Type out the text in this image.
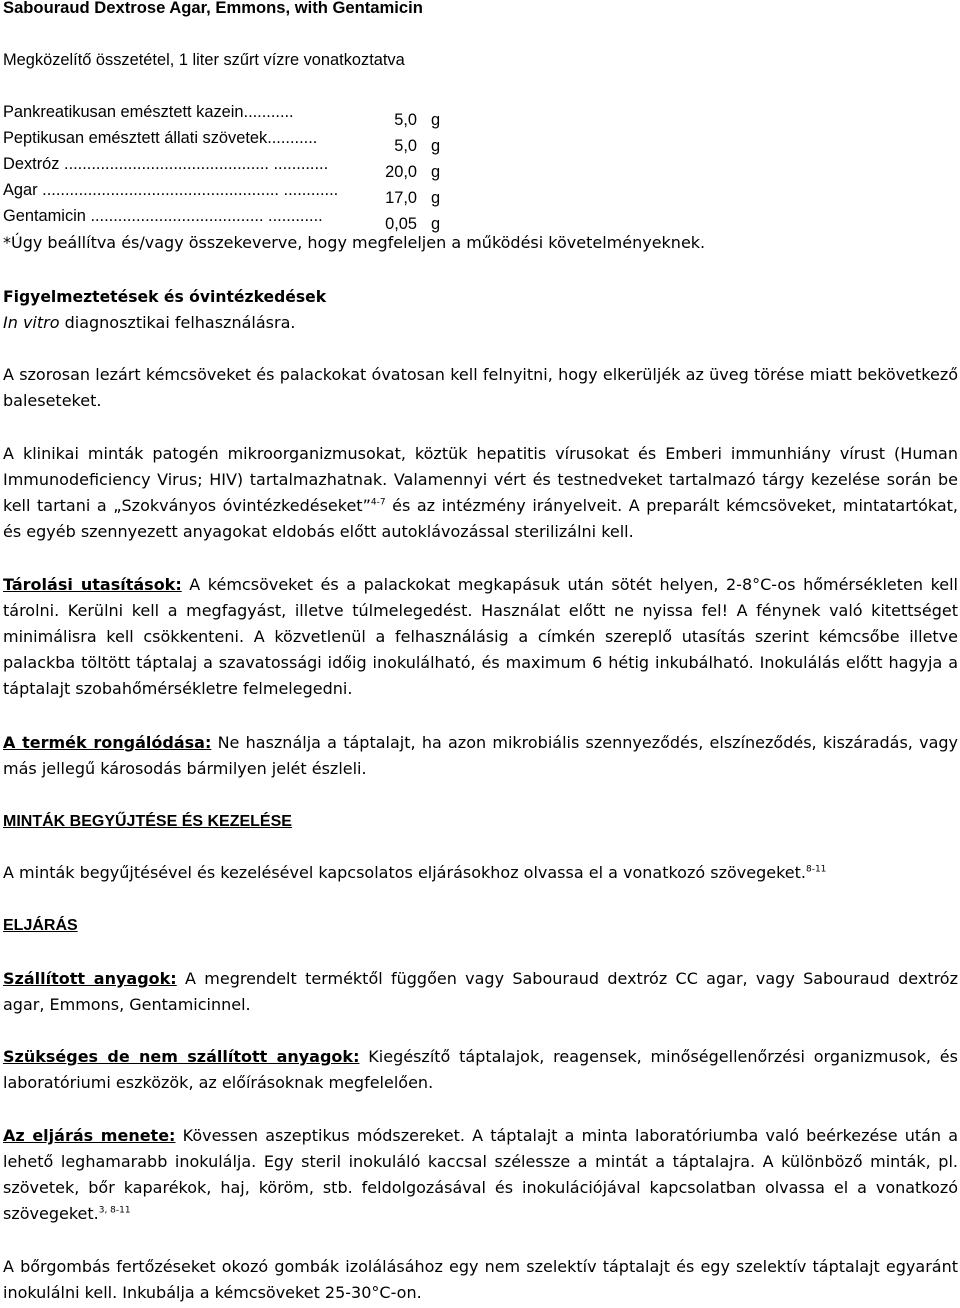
Sabouraud Dextrose Agar, Emmons, with Gentamicin
Megközelítő összetétel, 1 liter szűrt vízre vonatkoztatva
Pankreatikusan emésztett kazein...........	5,0 g
Peptikusan emésztett állati szövetek...........	5,0 g
Dextróz ............................................. ............	20,0 g
Agar .................................................... ............	17,0 g
Gentamicin ...................................... ............	0,05 g
*Úgy beállítva és/vagy összekeverve, hogy megfeleljen a működési követelményeknek.
Figyelmeztetések és óvintézkedések
In vitro diagnosztikai felhasználásra.
A szorosan lezárt kémcsöveket és palackokat óvatosan kell felnyitni, hogy elkerüljék az üveg törése miatt bekövetkező baleseteket.
A klinikai minták patogén mikroorganizmusokat, köztük hepatitis vírusokat és Emberi immunhiány vírust (Human Immunodeficiency Virus; HIV) tartalmazhatnak. Valamennyi vért és testnedveket tartalmazó tárgy kezelése során be kell tartani a „Szokványos óvintézkedéseket”$^{4-7}$ és az intézmény irányelveit. A preparált kémcsöveket, mintatartókat, és egyéb szennyezett anyagokat eldobás előtt autoklávozással sterilizálni kell.
Tárolási utasítások: A kémcsöveket és a palackokat megkapásuk után sötét helyen, 2-8°C-os hőmérsékleten kell tárolni. Kerülni kell a megfagyást, illetve túlmelegedést. Használat előtt ne nyissa fel! A fénynek való kitettséget minimálisra kell csökkenteni. A közvetlenül a felhasználásig a címkén szereplő utasítás szerint kémcsőbe illetve palackba töltött táptalaj a szavatossági időig inokulálható, és maximum 6 hétig inkubálható. Inokulálás előtt hagyja a táptalajt szobahőmérsékletre felmelegedni.
A termék rongálódása: Ne használja a táptalajt, ha azon mikrobiális szennyeződés, elszíneződés, kiszáradás, vagy más jellegű károsodás bármilyen jelét észleli.
MINTÁK BEGYŰJTÉSE ÉS KEZELÉSE
A minták begyűjtésével és kezelésével kapcsolatos eljárásokhoz olvassa el a vonatkozó szövegeket.$^{8-11}$
ELJÁRÁS
Szállított anyagok: A megrendelt terméktől függően vagy Sabouraud dextróz CC agar, vagy Sabouraud dextróz agar, Emmons, Gentamicinnel.
Szükséges de nem szállított anyagok: Kiegészítő táptalajok, reagensek, minőségellenőrzési organizmusok, és laboratóriumi eszközök, az előírásoknak megfelelően.
Az eljárás menete: Kövessen aszeptikus módszereket. A táptalajt a minta laboratóriumba való beérkezése után a lehető leghamarabb inokulálja. Egy steril inokuláló kaccsal szélessze a mintát a táptalajra. A különböző minták, pl. szövetek, bőr kaparékok, haj, köröm, stb. feldolgozásával és inokulációjával kapcsolatban olvassa el a vonatkozó szövegeket.$^{3, 8-11}$
A bőrgombás fertőzéseket okozó gombák izolálásához egy nem szelektív táptalajt és egy szelektív táptalajt egyaránt inokulálni kell. Inkubálja a kémcsöveket 25-30°C-on.
